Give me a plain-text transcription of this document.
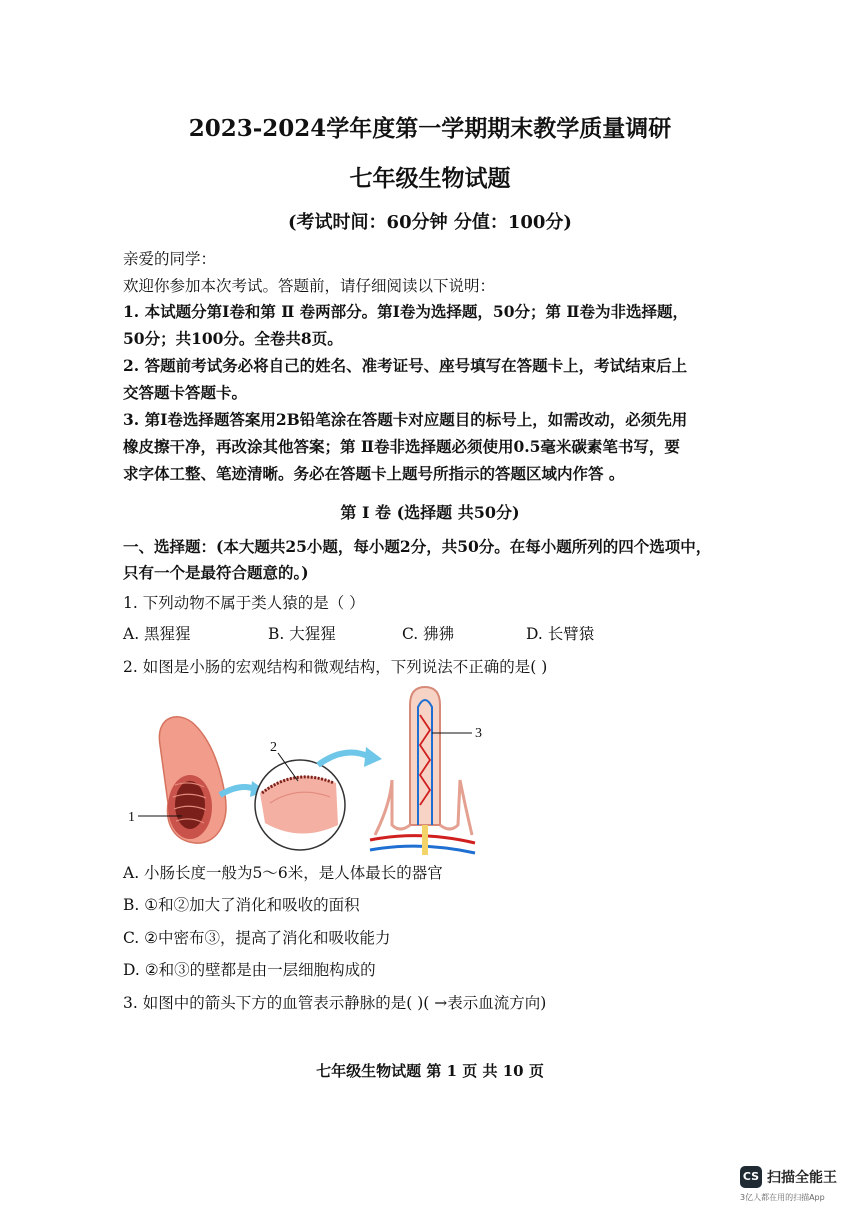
2023-2024学年度第一学期期末教学质量调研
七年级生物试题
(考试时间：60分钟 分值：100分)
亲爱的同学：
欢迎你参加本次考试。答题前，请仔细阅读以下说明：
1. 本试题分第Ⅰ卷和第 Ⅱ 卷两部分。第Ⅰ卷为选择题，50分；第 Ⅱ卷为非选择题，
50分；共100分。全卷共8页。
2. 答题前考试务必将自己的姓名、准考证号、座号填写在答题卡上，考试结束后上
交答题卡答题卡。
3. 第Ⅰ卷选择题答案用2B铅笔涂在答题卡对应题目的标号上，如需改动，必须先用
橡皮擦干净，再改涂其他答案；第 Ⅱ卷非选择题必须使用0.5毫米碳素笔书写，要
求字体工整、笔迹清晰。务必在答题卡上题号所指示的答题区域内作答 。
第 Ⅰ 卷 (选择题 共50分)
一、选择题：(本大题共25小题，每小题2分，共50分。在每小题所列的四个选项中，
只有一个是最符合题意的。)
1. 下列动物不属于类人猿的是（ ）
A. 黑猩猩	B. 大猩猩	C. 狒狒	D. 长臂猿
2. 如图是小肠的宏观结构和微观结构，下列说法不正确的是( )
1
2
3
A. 小肠长度一般为5～6米，是人体最长的器官
B. ①和②加大了消化和吸收的面积
C. ②中密布③，提高了消化和吸收能力
D. ②和③的壁都是由一层细胞构成的
3. 如图中的箭头下方的血管表示静脉的是( )( →表示血流方向)
七年级生物试题 第 1 页 共 10 页
CS 扫描全能王
3亿人都在用的扫描App
